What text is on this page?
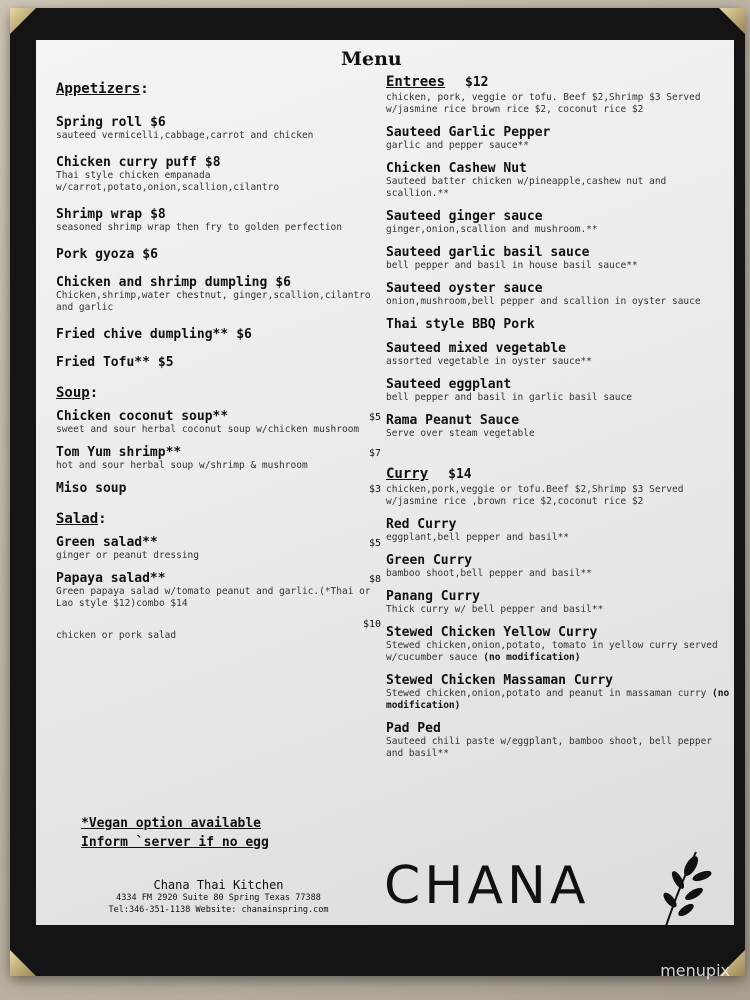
Menu
Appetizers:
Spring roll $6
sauteed vermicelli,cabbage,carrot and chicken
Chicken curry puff $8
Thai style chicken empanada w/carrot,potato,onion,scallion,cilantro
Shrimp wrap $8
seasoned shrimp wrap then fry to golden perfection
Pork gyoza $6
Chicken and shrimp dumpling $6
Chicken,shrimp,water chestnut, ginger,scallion,cilantro and garlic
Fried chive dumpling** $6
Fried Tofu** $5
Soup:
Chicken coconut soup**	$5
sweet and sour herbal coconut soup w/chicken mushroom
Tom Yum shrimp**	$7
hot and sour herbal soup w/shrimp & mushroom
Miso soup	$3
Salad:
Green salad**	$5
ginger or peanut dressing
Papaya salad**	$8
Green papaya salad w/tomato peanut and garlic.(*Thai or Lao style $12)combo $14
$10
chicken or pork salad
*Vegan option available
Inform `server if no egg
Chana Thai Kitchen
4334 FM 2920 Suite 80 Spring Texas 77388
Tel:346-351-1138 Website: chanainspring.com
Entrees $12
chicken, pork, veggie or tofu. Beef $2,Shrimp $3 Served w/jasmine rice brown rice $2, coconut rice $2
Sauteed Garlic Pepper
garlic and pepper sauce**
Chicken Cashew Nut
Sauteed batter chicken w/pineapple,cashew nut and scallion.**
Sauteed ginger sauce
ginger,onion,scallion and mushroom.**
Sauteed garlic basil sauce
bell pepper and basil in house basil sauce**
Sauteed oyster sauce
onion,mushroom,bell pepper and scallion in oyster sauce
Thai style BBQ Pork
Sauteed mixed vegetable
assorted vegetable in oyster sauce**
Sauteed eggplant
bell pepper and basil in garlic basil sauce
Rama Peanut Sauce
Serve over steam vegetable
Curry $14
chicken,pork,veggie or tofu.Beef $2,Shrimp $3 Served w/jasmine rice ,brown rice $2,coconut rice $2
Red Curry
eggplant,bell pepper and basil**
Green Curry
bamboo shoot,bell pepper and basil**
Panang Curry
Thick curry w/ bell pepper and basil**
Stewed Chicken Yellow Curry
Stewed chicken,onion,potato, tomato in yellow curry served w/cucumber sauce (no modification)
Stewed Chicken Massaman Curry
Stewed chicken,onion,potato and peanut in massaman curry (no modification)
Pad Ped
Sauteed chili paste w/eggplant, bamboo shoot, bell pepper and basil**
CHANA
menupix
